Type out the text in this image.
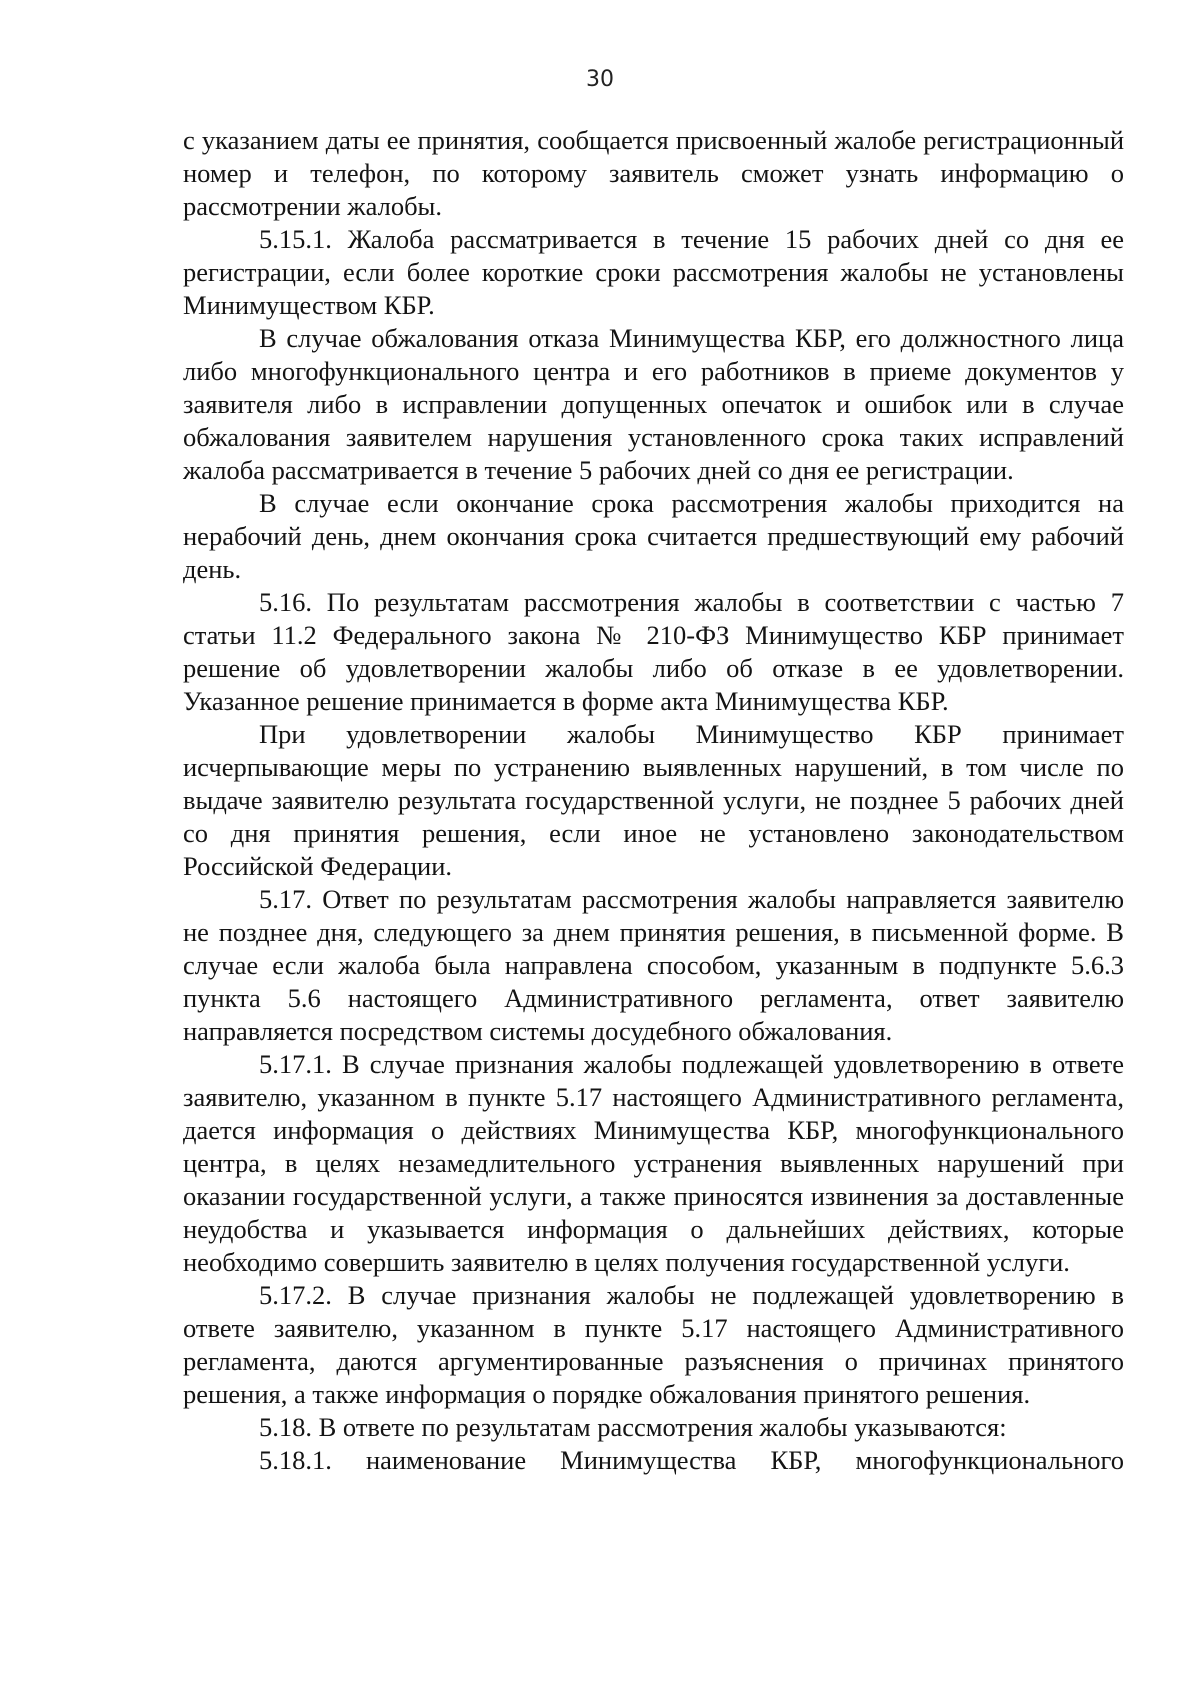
30

с указанием даты ее принятия, сообщается присвоенный жалобе регистрационный номер и телефон, по которому заявитель сможет узнать информацию о рассмотрении жалобы.

5.15.1. Жалоба рассматривается в течение 15 рабочих дней со дня ее регистрации, если более короткие сроки рассмотрения жалобы не установлены Минимуществом КБР.

В случае обжалования отказа Минимущества КБР, его должностного лица либо многофункционального центра и его работников в приеме документов у заявителя либо в исправлении допущенных опечаток и ошибок или в случае обжалования заявителем нарушения установленного срока таких исправлений жалоба рассматривается в течение 5 рабочих дней со дня ее регистрации.

В случае если окончание срока рассмотрения жалобы приходится на нерабочий день, днем окончания срока считается предшествующий ему рабочий день.

5.16. По результатам рассмотрения жалобы в соответствии с частью 7 статьи 11.2 Федерального закона № 210-ФЗ Минимущество КБР принимает решение об удовлетворении жалобы либо об отказе в ее удовлетворении. Указанное решение принимается в форме акта Минимущества КБР.

При удовлетворении жалобы Минимущество КБР принимает исчерпывающие меры по устранению выявленных нарушений, в том числе по выдаче заявителю результата государственной услуги, не позднее 5 рабочих дней со дня принятия решения, если иное не установлено законодательством Российской Федерации.

5.17. Ответ по результатам рассмотрения жалобы направляется заявителю не позднее дня, следующего за днем принятия решения, в письменной форме. В случае если жалоба была направлена способом, указанным в подпункте 5.6.3 пункта 5.6 настоящего Административного регламента, ответ заявителю направляется посредством системы досудебного обжалования.

5.17.1. В случае признания жалобы подлежащей удовлетворению в ответе заявителю, указанном в пункте 5.17 настоящего Административного регламента, дается информация о действиях Минимущества КБР, многофункционального центра, в целях незамедлительного устранения выявленных нарушений при оказании государственной услуги, а также приносятся извинения за доставленные неудобства и указывается информация о дальнейших действиях, которые необходимо совершить заявителю в целях получения государственной услуги.

5.17.2. В случае признания жалобы не подлежащей удовлетворению в ответе заявителю, указанном в пункте 5.17 настоящего Административного регламента, даются аргументированные разъяснения о причинах принятого решения, а также информация о порядке обжалования принятого решения.

5.18. В ответе по результатам рассмотрения жалобы указываются:

5.18.1. наименование Минимущества КБР, многофункционального
